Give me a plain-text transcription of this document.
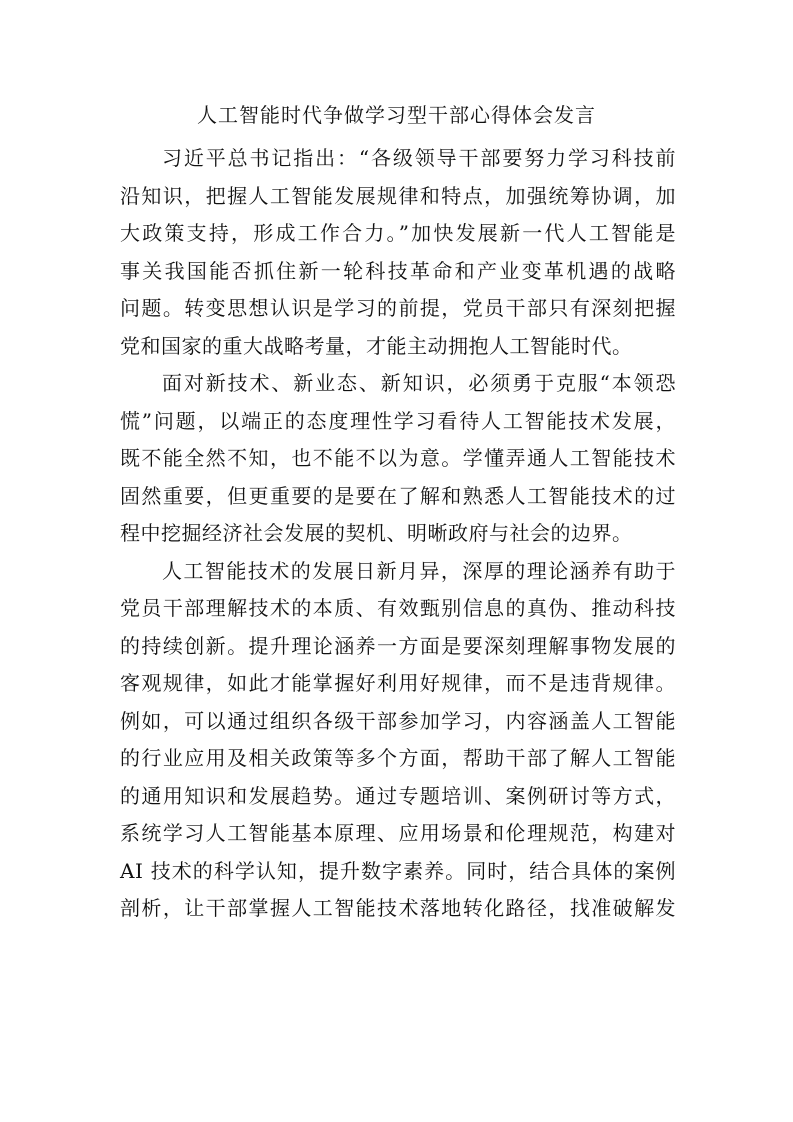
人工智能时代争做学习型干部心得体会发言
习近平总书记指出：“各级领导干部要努力学习科技前
沿知识，把握人工智能发展规律和特点，加强统筹协调，加
大政策支持，形成工作合力。”加快发展新一代人工智能是
事关我国能否抓住新一轮科技革命和产业变革机遇的战略
问题。转变思想认识是学习的前提，党员干部只有深刻把握
党和国家的重大战略考量，才能主动拥抱人工智能时代。
面对新技术、新业态、新知识，必须勇于克服“本领恐
慌”问题，以端正的态度理性学习看待人工智能技术发展，
既不能全然不知，也不能不以为意。学懂弄通人工智能技术
固然重要，但更重要的是要在了解和熟悉人工智能技术的过
程中挖掘经济社会发展的契机、明晰政府与社会的边界。
人工智能技术的发展日新月异，深厚的理论涵养有助于
党员干部理解技术的本质、有效甄别信息的真伪、推动科技
的持续创新。提升理论涵养一方面是要深刻理解事物发展的
客观规律，如此才能掌握好利用好规律，而不是违背规律。
例如，可以通过组织各级干部参加学习，内容涵盖人工智能
的行业应用及相关政策等多个方面，帮助干部了解人工智能
的通用知识和发展趋势。通过专题培训、案例研讨等方式，
系统学习人工智能基本原理、应用场景和伦理规范，构建对
AI 技术的科学认知，提升数字素养。同时，结合具体的案例
剖析，让干部掌握人工智能技术落地转化路径，找准破解发
